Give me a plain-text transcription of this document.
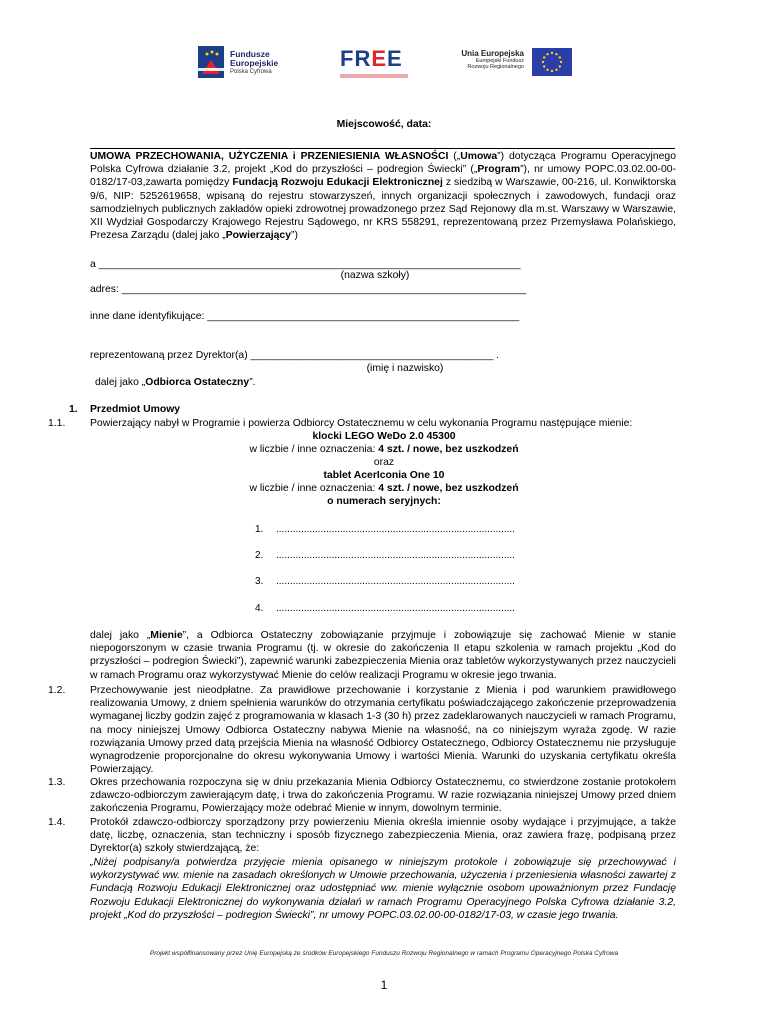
Fundusze
Europejskie
Polska Cyfrowa
FREE	Unia Europejska
Europejski Fundusz
Rozwoju Regionalnego
Miejscowość, data:
UMOWA PRZECHOWANIA, UŻYCZENIA i PRZENIESIENIA WŁASNOŚCI („Umowa”) dotycząca Programu Operacyjnego Polska Cyfrowa działanie 3.2, projekt „Kod do przyszłości – podregion Świecki” („Program”), nr umowy POPC.03.02.00-00-0182/17-03,zawarta pomiędzy Fundacją Rozwoju Edukacji Elektronicznej z siedzibą w Warszawie, 00-216, ul. Konwiktorska 9/6, NIP: 5252619658, wpisaną do rejestru stowarzyszeń, innych organizacji społecznych i zawodowych, fundacji oraz samodzielnych publicznych zakładów opieki zdrowotnej prowadzonego przez Sąd Rejonowy dla m.st. Warszawy w Warszawie, XII Wydział Gospodarczy Krajowego Rejestru Sądowego, nr KRS 558291, reprezentowaną przez Przemysława Polańskiego, Prezesa Zarządu (dalej jako „Powierzający”)
a _________________________________________________________________________
(nazwa szkoły)
adres: ______________________________________________________________________
inne dane identyfikujące: ______________________________________________________
reprezentowaną przez Dyrektor(a) __________________________________________ .
(imię i nazwisko)
dalej jako „Odbiorca Ostateczny”.
1. Przedmiot Umowy
1.1. Powierzający nabył w Programie i powierza Odbiorcy Ostatecznemu w celu wykonania Programu następujące mienie:
klocki LEGO WeDo 2.0 45300
w liczbie / inne oznaczenia: 4 szt. / nowe, bez uszkodzeń
oraz
tablet AcerIconia One 10
w liczbie / inne oznaczenia: 4 szt. / nowe, bez uszkodzeń
o numerach seryjnych:
1. ......................................................................................
2. ......................................................................................
3. ......................................................................................
4. ......................................................................................
dalej jako „Mienie”, a Odbiorca Ostateczny zobowiązanie przyjmuje i zobowiązuje się zachować Mienie w stanie niepogorszonym w czasie trwania Programu (tj. w okresie do zakończenia II etapu szkolenia w ramach projektu „Kod do przyszłości – podregion Świecki”), zapewnić warunki zabezpieczenia Mienia oraz tabletów wykorzystywanych przez nauczycieli w ramach Programu oraz wykorzystywać Mienie do celów realizacji Programu w okresie jego trwania.
1.2. Przechowywanie jest nieodpłatne. Za prawidłowe przechowanie i korzystanie z Mienia i pod warunkiem prawidłowego realizowania Umowy, z dniem spełnienia warunków do otrzymania certyfikatu poświadczającego zakończenie przeprowadzenia wymaganej liczby godzin zajęć z programowania w klasach 1-3 (30 h) przez zadeklarowanych nauczycieli w ramach Programu, na mocy niniejszej Umowy Odbiorca Ostateczny nabywa Mienie na własność, na co niniejszym wyraża zgodę. W razie rozwiązania Umowy przed datą przejścia Mienia na własność Odbiorcy Ostatecznego, Odbiorcy Ostatecznemu nie przysługuje wynagrodzenie proporcjonalne do okresu wykonywania Umowy i wartości Mienia. Warunki do uzyskania certyfikatu określa Powierzający.
1.3. Okres przechowania rozpoczyna się w dniu przekazania Mienia Odbiorcy Ostatecznemu, co stwierdzone zostanie protokołem zdawczo-odbiorczym zawierającym datę, i trwa do zakończenia Programu. W razie rozwiązania niniejszej Umowy przed dniem zakończenia Programu, Powierzający może odebrać Mienie w innym, dowolnym terminie.
1.4. Protokół zdawczo-odbiorczy sporządzony przy powierzeniu Mienia określa imiennie osoby wydające i przyjmujące, a także datę, liczbę, oznaczenia, stan techniczny i sposób fizycznego zabezpieczenia Mienia, oraz zawiera frazę, podpisaną przez Dyrektor(a) szkoły stwierdzającą, że:
„Niżej podpisany/a potwierdza przyjęcie mienia opisanego w niniejszym protokole i zobowiązuje się przechowywać i wykorzystywać ww. mienie na zasadach określonych w Umowie przechowania, użyczenia i przeniesienia własności zawartej z Fundacją Rozwoju Edukacji Elektronicznej oraz udostępniać ww. mienie wyłącznie osobom upoważnionym przez Fundację Rozwoju Edukacji Elektronicznej do wykonywania działań w ramach Programu Operacyjnego Polska Cyfrowa działanie 3.2, projekt „Kod do przyszłości – podregion Świecki”, nr umowy POPC.03.02.00-00-0182/17-03, w czasie jego trwania.
Projekt współfinansowany przez Unię Europejską ze środków Europejskiego Funduszu Rozwoju Regionalnego w ramach Programu Operacyjnego Polska Cyfrowa
1
